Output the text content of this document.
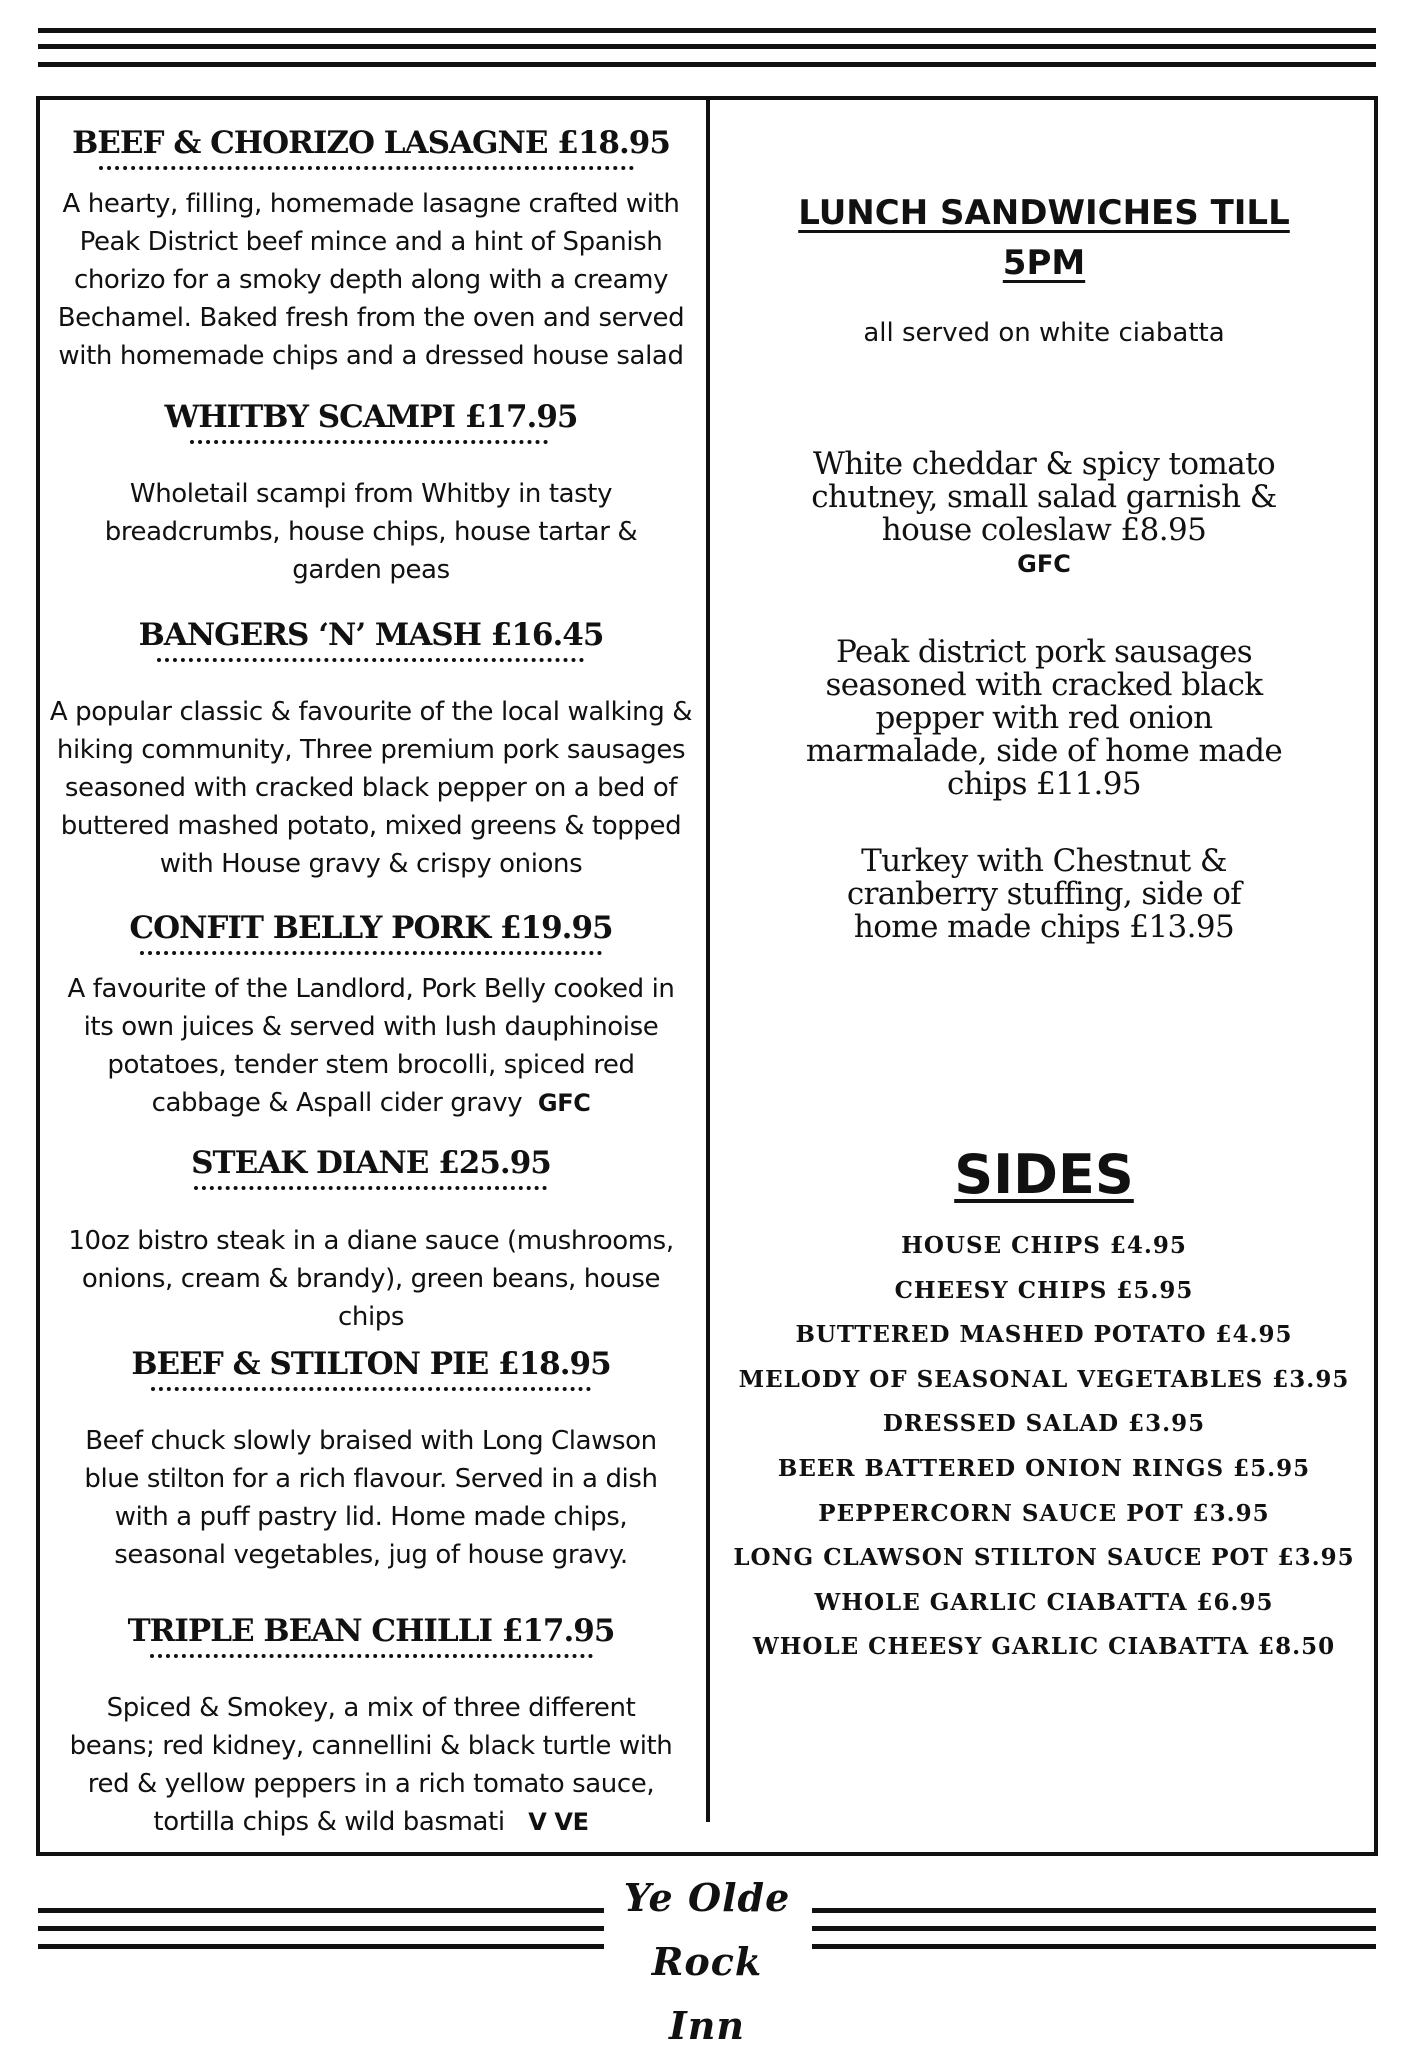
BEEF & CHORIZO LASAGNE £18.95
A hearty, filling, homemade lasagne crafted with Peak District beef mince and a hint of Spanish chorizo for a smoky depth along with a creamy Bechamel. Baked fresh from the oven and served with homemade chips and a dressed house salad
WHITBY SCAMPI £17.95
Wholetail scampi from Whitby in tasty breadcrumbs, house chips, house tartar & garden peas
BANGERS ‘N’ MASH £16.45
A popular classic & favourite of the local walking & hiking community, Three premium pork sausages seasoned with cracked black pepper on a bed of buttered mashed potato, mixed greens & topped with House gravy & crispy onions
CONFIT BELLY PORK £19.95
A favourite of the Landlord, Pork Belly cooked in its own juices & served with lush dauphinoise potatoes, tender stem brocolli, spiced red cabbage & Aspall cider gravy GFC
STEAK DIANE £25.95
10oz bistro steak in a diane sauce (mushrooms, onions, cream & brandy), green beans, house chips
BEEF & STILTON PIE £18.95
Beef chuck slowly braised with Long Clawson blue stilton for a rich flavour. Served in a dish with a puff pastry lid. Home made chips, seasonal vegetables, jug of house gravy.
TRIPLE BEAN CHILLI £17.95
Spiced & Smokey, a mix of three different beans; red kidney, cannellini & black turtle with red & yellow peppers in a rich tomato sauce, tortilla chips & wild basmati V VE
LUNCH SANDWICHES TILL
5PM
all served on white ciabatta
White cheddar & spicy tomato chutney, small salad garnish & house coleslaw £8.95
GFC
Peak district pork sausages seasoned with cracked black pepper with red onion marmalade, side of home made chips £11.95
Turkey with Chestnut & cranberry stuffing, side of home made chips £13.95
SIDES
HOUSE CHIPS £4.95
CHEESY CHIPS £5.95
BUTTERED MASHED POTATO £4.95
MELODY OF SEASONAL VEGETABLES £3.95
DRESSED SALAD £3.95
BEER BATTERED ONION RINGS £5.95
PEPPERCORN SAUCE POT £3.95
LONG CLAWSON STILTON SAUCE POT £3.95
WHOLE GARLIC CIABATTA £6.95
WHOLE CHEESY GARLIC CIABATTA £8.50
Ye Olde
Rock Inn
